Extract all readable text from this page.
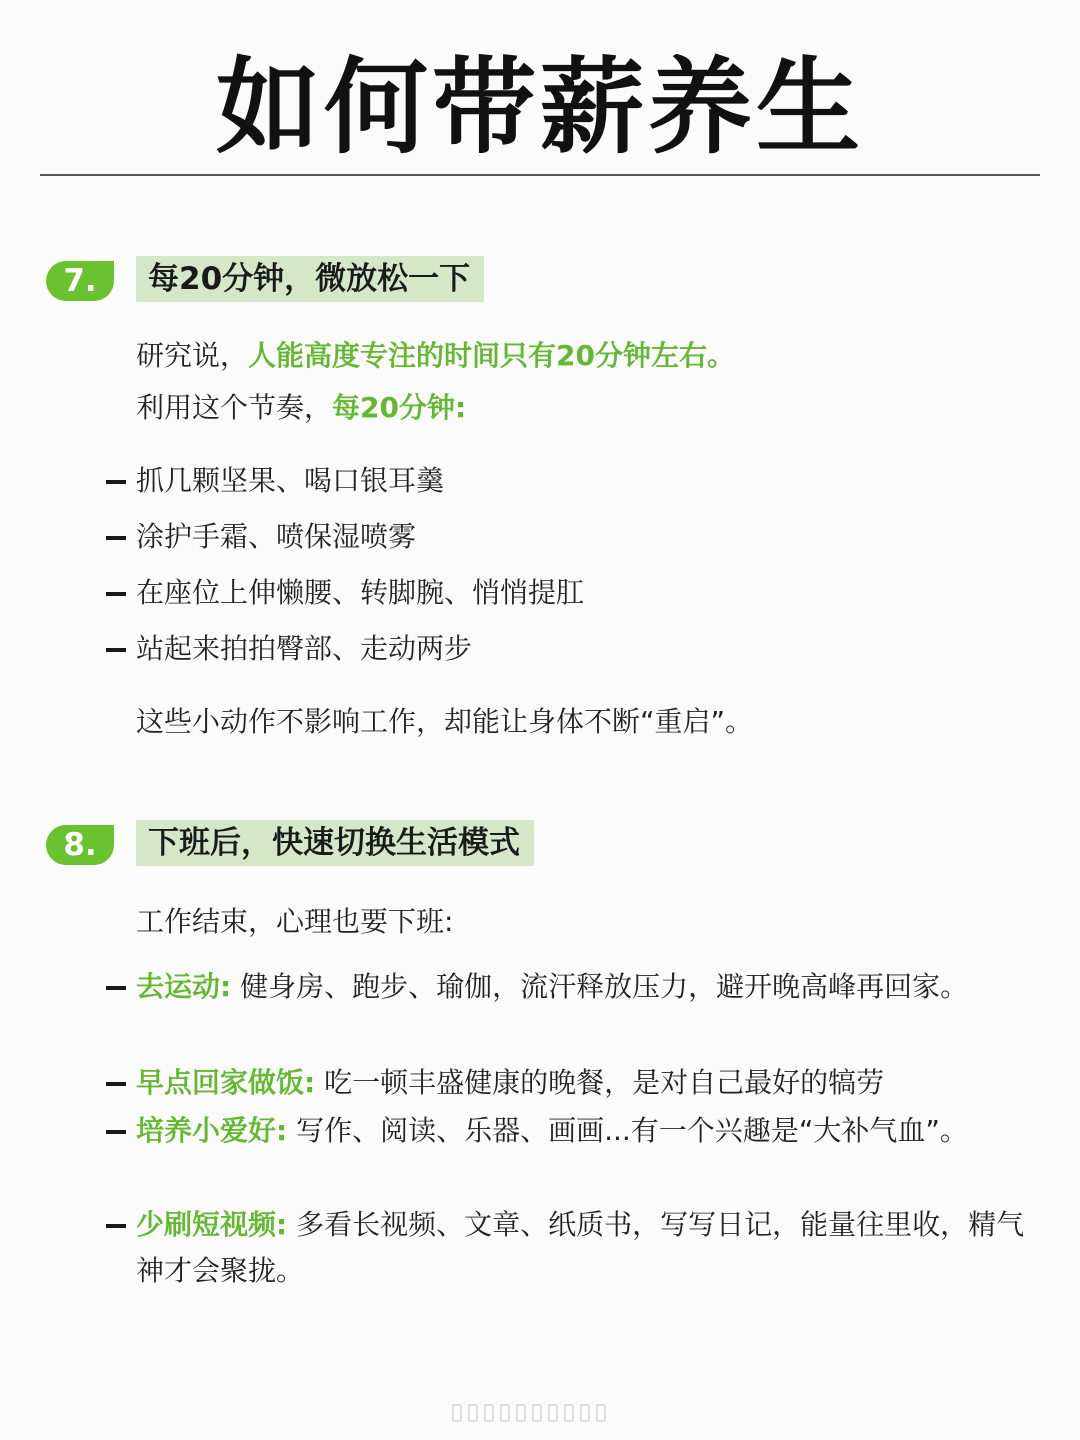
如何带薪养生
7.	每20分钟，微放松一下
研究说，人能高度专注的时间只有20分钟左右。
利用这个节奏，每20分钟:
抓几颗坚果、喝口银耳羹
涂护手霜、喷保湿喷雾
在座位上伸懒腰、转脚腕、悄悄提肛
站起来拍拍臀部、走动两步
这些小动作不影响工作，却能让身体不断“重启”。
8.	下班后，快速切换生活模式
工作结束，心理也要下班:
去运动: 健身房、跑步、瑜伽，流汗释放压力，避开晚高峰再回家。
早点回家做饭: 吃一顿丰盛健康的晚餐，是对自己最好的犒劳
培养小爱好: 写作、阅读、乐器、画画...有一个兴趣是“大补气血”。
少刷短视频: 多看长视频、文章、纸质书，写写日记，能量往里收，精气神才会聚拢。
